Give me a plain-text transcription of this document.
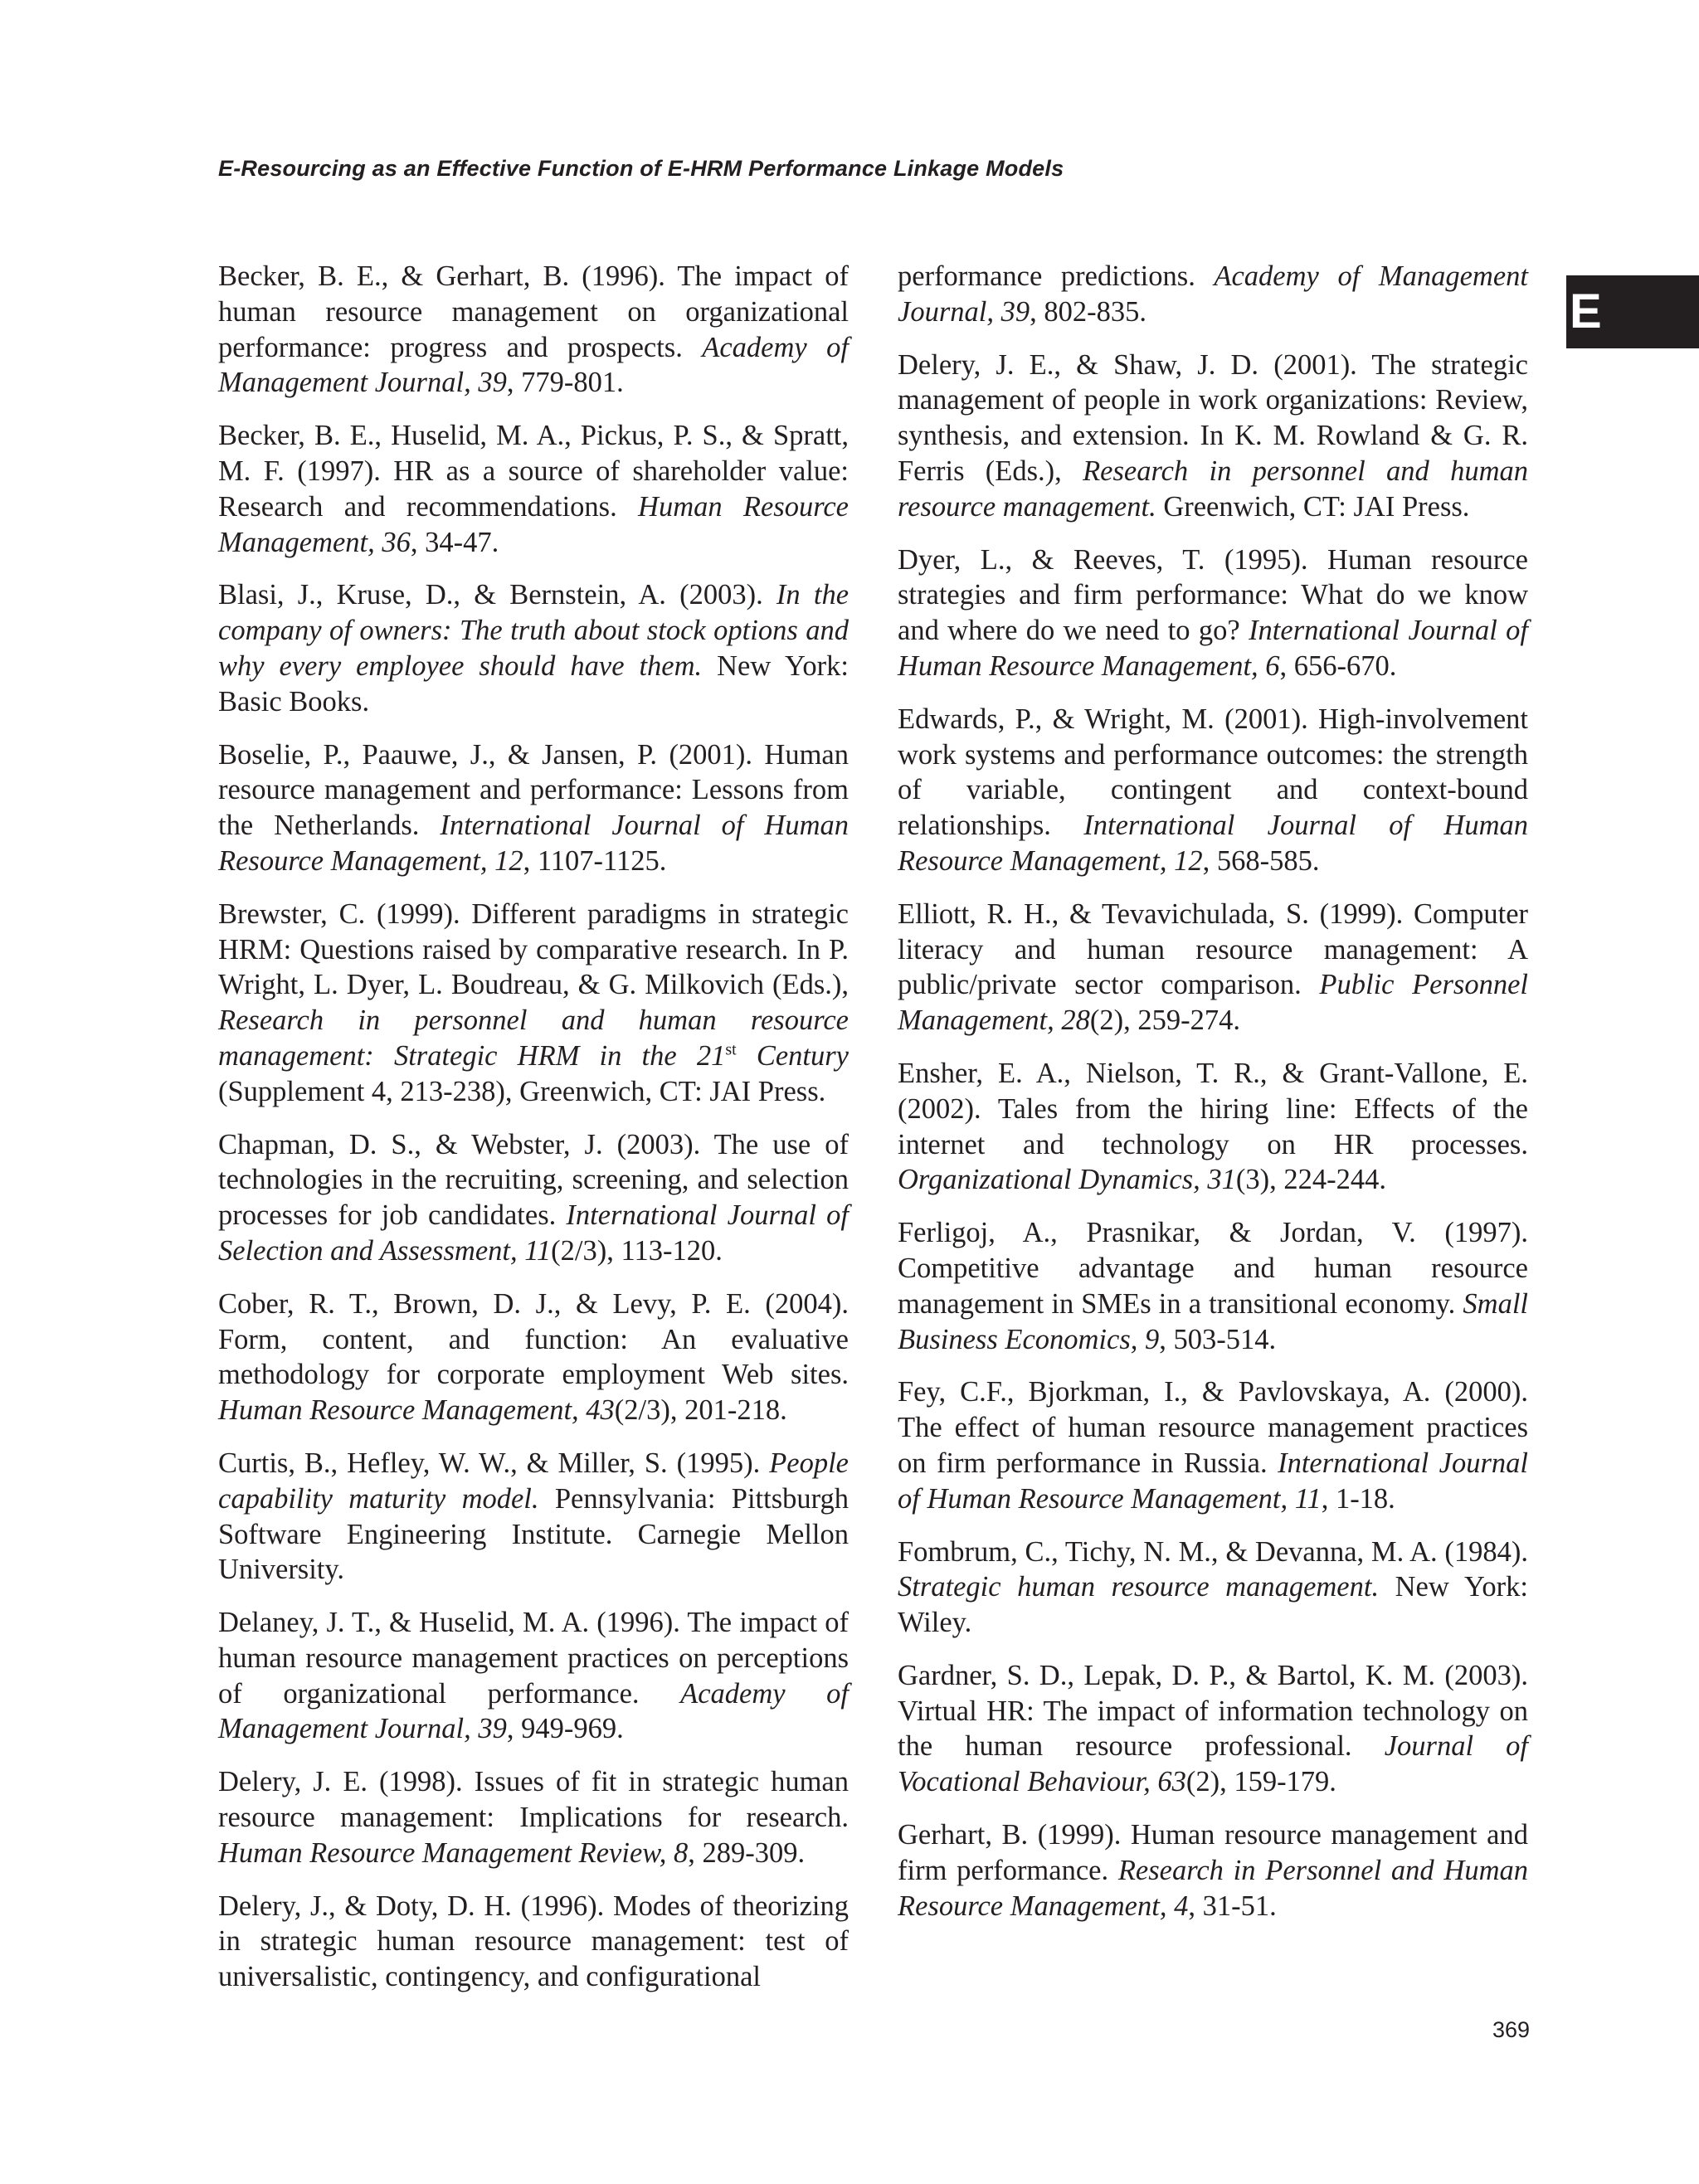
E-Resourcing as an Effective Function of E-HRM Performance Linkage Models
E

Becker, B. E., & Gerhart, B. (1996). The impact of human resource management on organizational performance: progress and prospects. Academy of Management Journal, 39, 779-801.

Becker, B. E., Huselid, M. A., Pickus, P. S., & Spratt, M. F. (1997). HR as a source of shareholder value: Research and recommendations. Human Resource Management, 36, 34-47.

Blasi, J., Kruse, D., & Bernstein, A. (2003). In the company of owners: The truth about stock options and why every employee should have them. New York: Basic Books.

Boselie, P., Paauwe, J., & Jansen, P. (2001). Human resource management and performance: Lessons from the Netherlands. International Journal of Human Resource Management, 12, 1107-1125.

Brewster, C. (1999). Different paradigms in strategic HRM: Questions raised by comparative research. In P. Wright, L. Dyer, L. Boudreau, & G. Milkovich (Eds.), Research in personnel and human resource management: Strategic HRM in the 21st Century (Supplement 4, 213-238), Greenwich, CT: JAI Press.

Chapman, D. S., & Webster, J. (2003). The use of technologies in the recruiting, screening, and selection processes for job candidates. International Journal of Selection and Assessment, 11(2/3), 113-120.

Cober, R. T., Brown, D. J., & Levy, P. E. (2004). Form, content, and function: An evaluative methodology for corporate employment Web sites. Human Resource Management, 43(2/3), 201-218.

Curtis, B., Hefley, W. W., & Miller, S. (1995). People capability maturity model. Pennsylvania: Pittsburgh Software Engineering Institute. Carnegie Mellon University.

Delaney, J. T., & Huselid, M. A. (1996). The impact of human resource management practices on perceptions of organizational performance. Academy of Management Journal, 39, 949-969.

Delery, J. E. (1998). Issues of fit in strategic human resource management: Implications for research. Human Resource Management Review, 8, 289-309.

Delery, J., & Doty, D. H. (1996). Modes of theorizing in strategic human resource management: test of universalistic, contingency, and configurational

performance predictions. Academy of Management Journal, 39, 802-835.

Delery, J. E., & Shaw, J. D. (2001). The strategic management of people in work organizations: Review, synthesis, and extension. In K. M. Rowland & G. R. Ferris (Eds.), Research in personnel and human resource management. Greenwich, CT: JAI Press.

Dyer, L., & Reeves, T. (1995). Human resource strategies and firm performance: What do we know and where do we need to go? International Journal of Human Resource Management, 6, 656-670.

Edwards, P., & Wright, M. (2001). High-involvement work systems and performance outcomes: the strength of variable, contingent and context-bound relationships. International Journal of Human Resource Management, 12, 568-585.

Elliott, R. H., & Tevavichulada, S. (1999). Computer literacy and human resource management: A public/private sector comparison. Public Personnel Management, 28(2), 259-274.

Ensher, E. A., Nielson, T. R., & Grant-Vallone, E. (2002). Tales from the hiring line: Effects of the internet and technology on HR processes. Organizational Dynamics, 31(3), 224-244.

Ferligoj, A., Prasnikar, & Jordan, V. (1997). Competitive advantage and human resource management in SMEs in a transitional economy. Small Business Economics, 9, 503-514.

Fey, C.F., Bjorkman, I., & Pavlovskaya, A. (2000). The effect of human resource management practices on firm performance in Russia. International Journal of Human Resource Management, 11, 1-18.

Fombrum, C., Tichy, N. M., & Devanna, M. A. (1984). Strategic human resource management. New York: Wiley.

Gardner, S. D., Lepak, D. P., & Bartol, K. M. (2003). Virtual HR: The impact of information technology on the human resource professional. Journal of Vocational Behaviour, 63(2), 159-179.

Gerhart, B. (1999). Human resource management and firm performance. Research in Personnel and Human Resource Management, 4, 31-51.

369
